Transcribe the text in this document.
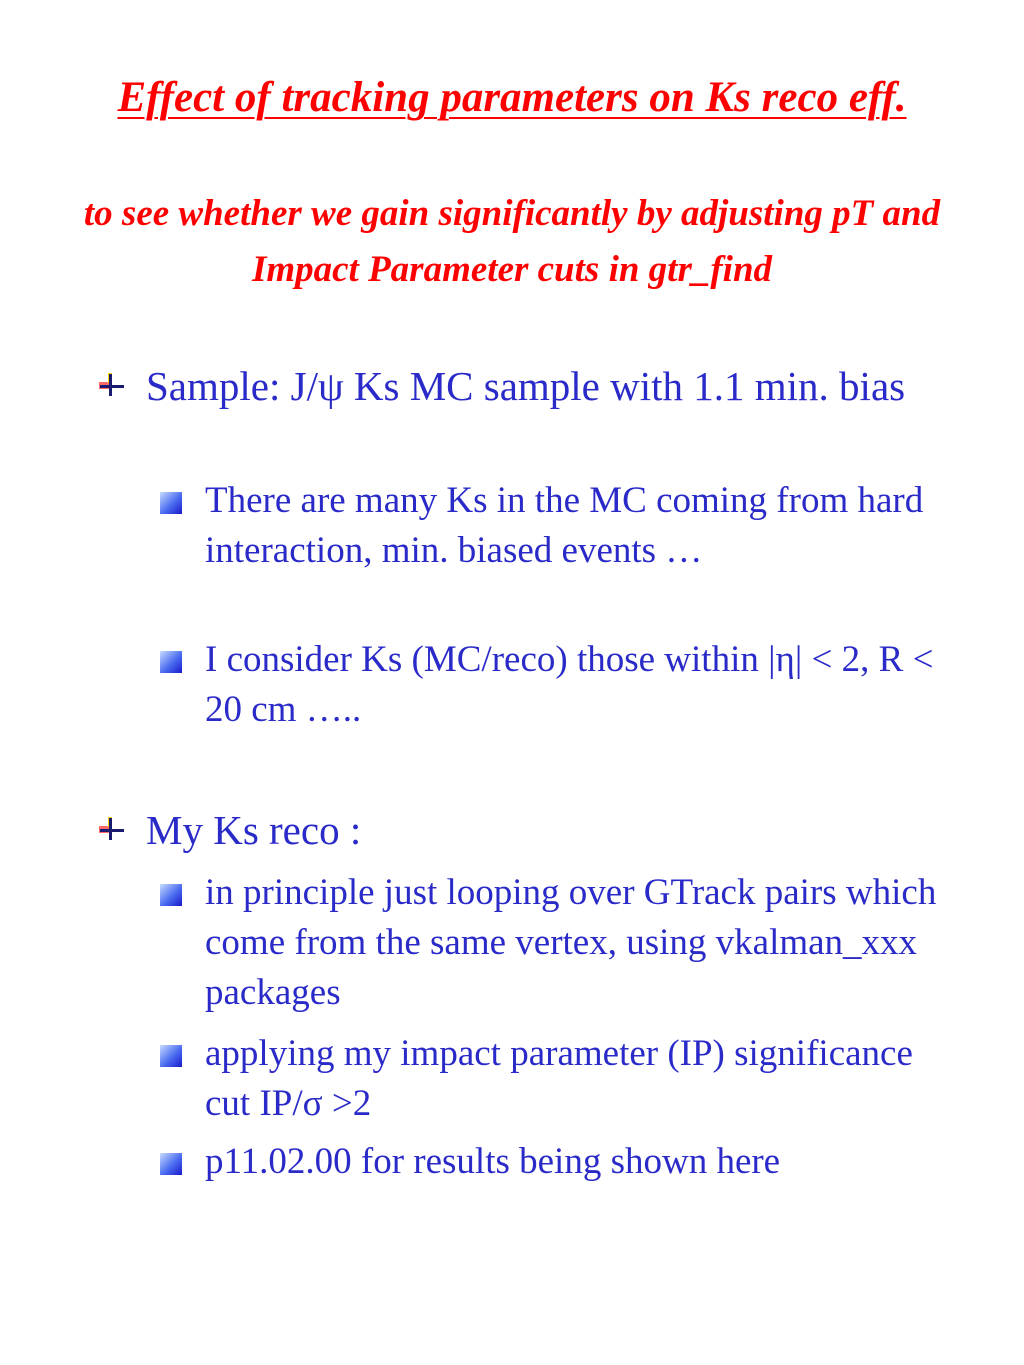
Effect of tracking parameters on Ks reco eff.
to see whether we gain significantly by adjusting pT and Impact Parameter cuts in gtr_find
Sample: J/ψ Ks MC sample with 1.1 min. bias
There are many Ks in the MC coming from hard interaction, min. biased events …
I consider Ks (MC/reco) those within |η| < 2, R < 20 cm …..
My Ks reco :
in principle just looping over GTrack pairs which come from the same vertex, using vkalman_xxx packages
applying my impact parameter (IP) significance cut IP/σ >2
p11.02.00 for results being shown here
